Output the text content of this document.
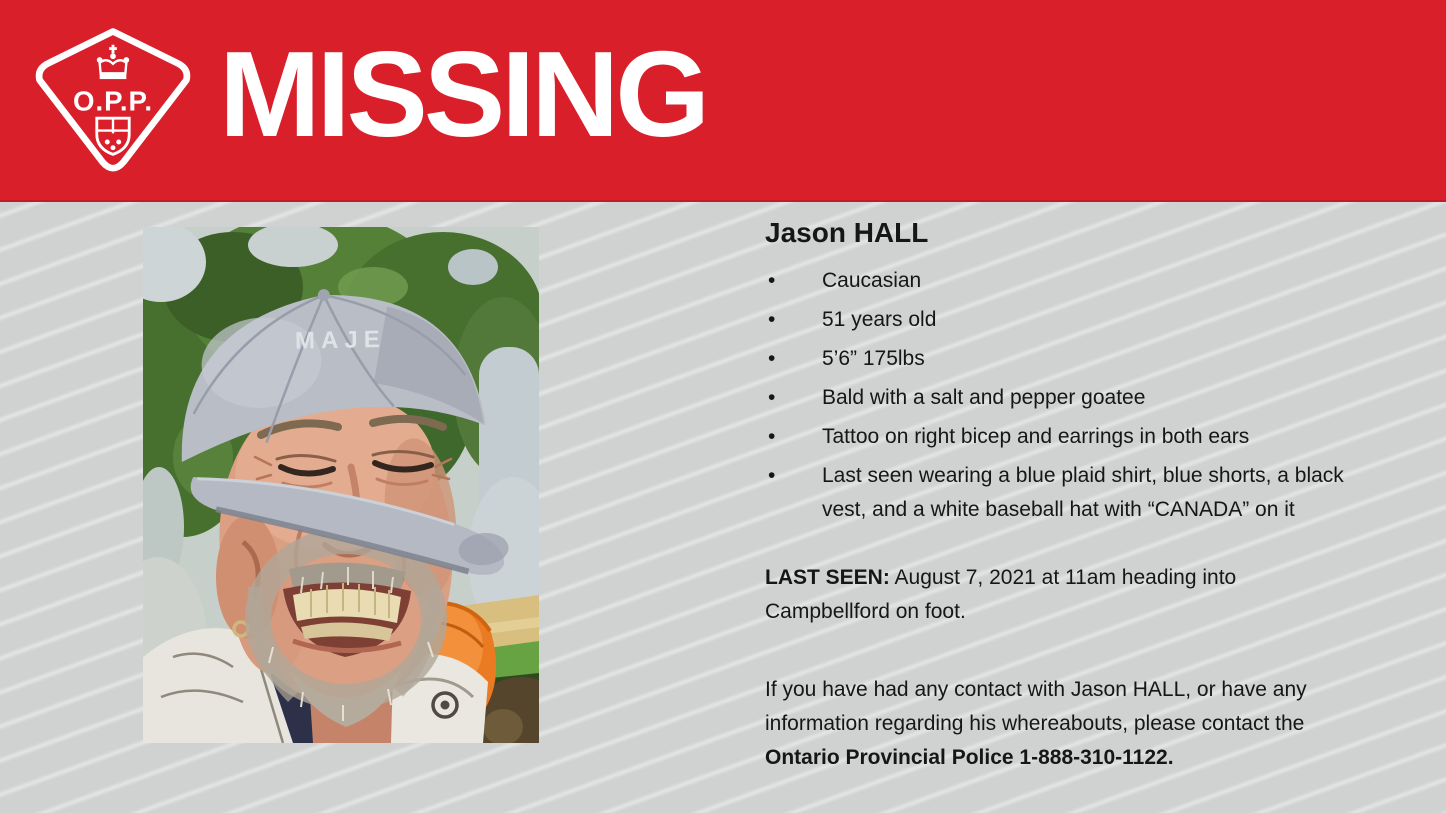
O.P.P. MISSING
MAJE
Jason HALL
• Caucasian
• 51 years old
• 5’6” 175lbs
• Bald with a salt and pepper goatee
• Tattoo on right bicep and earrings in both ears
• Last seen wearing a blue plaid shirt, blue shorts, a black
vest, and a white baseball hat with “CANADA” on it

LAST SEEN: August 7, 2021 at 11am heading into
Campbellford on foot.

If you have had any contact with Jason HALL, or have any
information regarding his whereabouts, please contact the
Ontario Provincial Police 1-888-310-1122.
